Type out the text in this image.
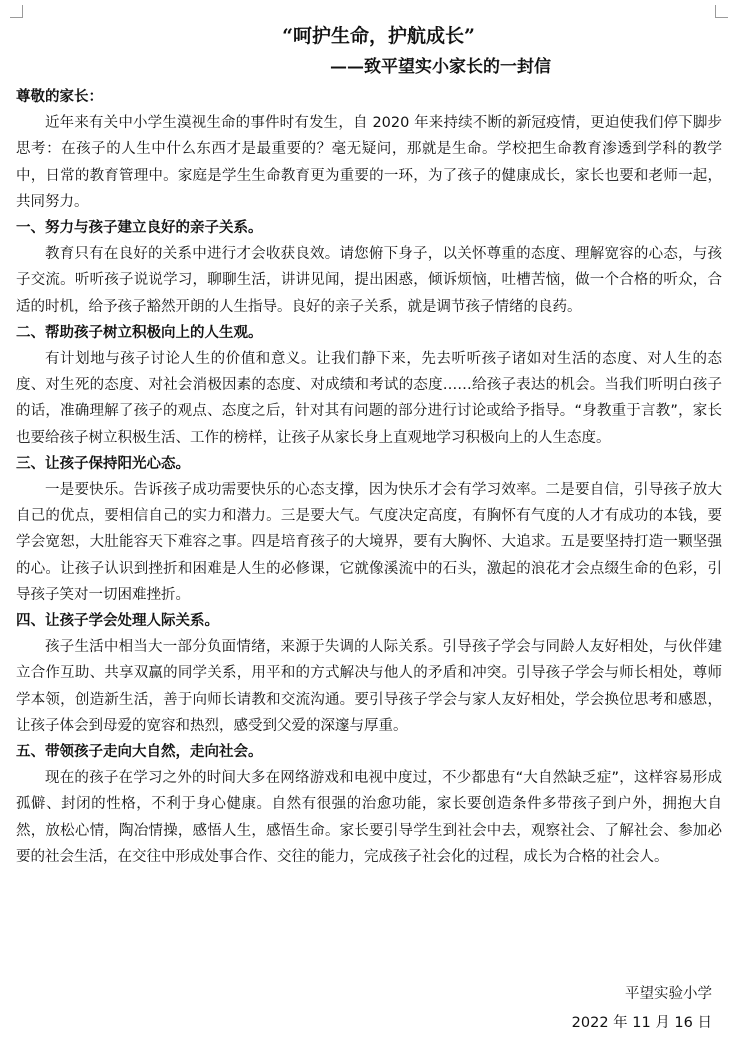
“呵护生命，护航成长”
——致平望实小家长的一封信

尊敬的家长：

近年来有关中小学生漠视生命的事件时有发生，自 2020 年来持续不断的新冠疫情，更迫使我们停下脚步思考：在孩子的人生中什么东西才是最重要的？毫无疑问，那就是生命。学校把生命教育渗透到学科的教学中，日常的教育管理中。家庭是学生生命教育更为重要的一环，为了孩子的健康成长，家长也要和老师一起，共同努力。

一、努力与孩子建立良好的亲子关系。

教育只有在良好的关系中进行才会收获良效。请您俯下身子，以关怀尊重的态度、理解宽容的心态，与孩子交流。听听孩子说说学习，聊聊生活，讲讲见闻，提出困惑，倾诉烦恼，吐槽苦恼，做一个合格的听众，合适的时机，给予孩子豁然开朗的人生指导。良好的亲子关系，就是调节孩子情绪的良药。

二、帮助孩子树立积极向上的人生观。

有计划地与孩子讨论人生的价值和意义。让我们静下来，先去听听孩子诸如对生活的态度、对人生的态度、对生死的态度、对社会消极因素的态度、对成绩和考试的态度……给孩子表达的机会。当我们听明白孩子的话，准确理解了孩子的观点、态度之后，针对其有问题的部分进行讨论或给予指导。“身教重于言教”，家长也要给孩子树立积极生活、工作的榜样，让孩子从家长身上直观地学习积极向上的人生态度。

三、让孩子保持阳光心态。

一是要快乐。告诉孩子成功需要快乐的心态支撑，因为快乐才会有学习效率。二是要自信，引导孩子放大自己的优点，要相信自己的实力和潜力。三是要大气。气度决定高度，有胸怀有气度的人才有成功的本钱，要学会宽恕，大肚能容天下难容之事。四是培育孩子的大境界，要有大胸怀、大追求。五是要坚持打造一颗坚强的心。让孩子认识到挫折和困难是人生的必修课，它就像溪流中的石头，激起的浪花才会点缀生命的色彩，引导孩子笑对一切困难挫折。

四、让孩子学会处理人际关系。

孩子生活中相当大一部分负面情绪，来源于失调的人际关系。引导孩子学会与同龄人友好相处，与伙伴建立合作互助、共享双赢的同学关系，用平和的方式解决与他人的矛盾和冲突。引导孩子学会与师长相处，尊师学本领，创造新生活，善于向师长请教和交流沟通。要引导孩子学会与家人友好相处，学会换位思考和感恩，让孩子体会到母爱的宽容和热烈，感受到父爱的深邃与厚重。

五、带领孩子走向大自然，走向社会。

现在的孩子在学习之外的时间大多在网络游戏和电视中度过，不少都患有“大自然缺乏症”，这样容易形成孤僻、封闭的性格，不利于身心健康。自然有很强的治愈功能，家长要创造条件多带孩子到户外，拥抱大自然，放松心情，陶冶情操，感悟人生，感悟生命。家长要引导学生到社会中去，观察社会、了解社会、参加必要的社会生活，在交往中形成处事合作、交往的能力，完成孩子社会化的过程，成长为合格的社会人。

平望实验小学

2022 年 11 月 16 日
